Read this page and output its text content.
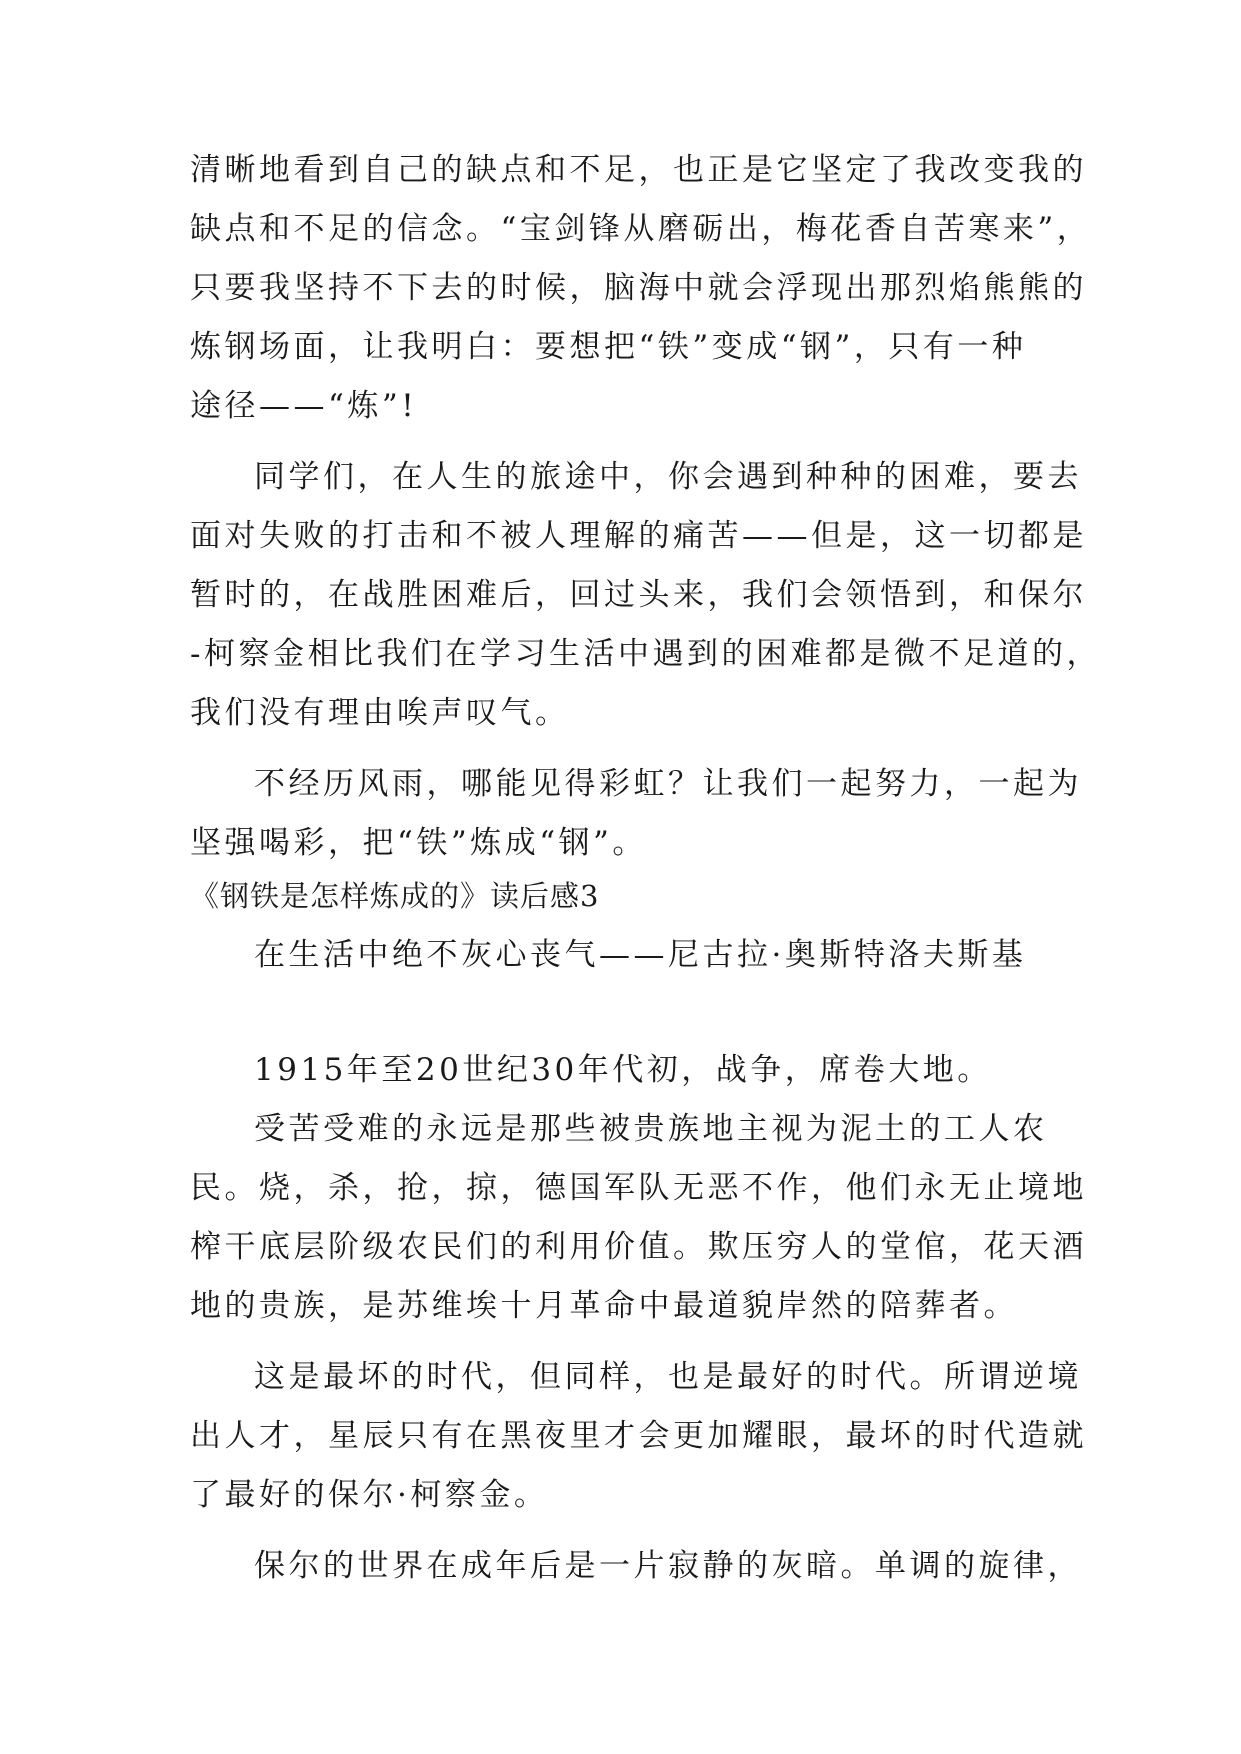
清晰地看到自己的缺点和不足，也正是它坚定了我改变我的
缺点和不足的信念。“宝剑锋从磨砺出，梅花香自苦寒来”，
只要我坚持不下去的时候，脑海中就会浮现出那烈焰熊熊的
炼钢场面，让我明白：要想把“铁”变成“钢”，只有一种
途径——“炼”!
同学们，在人生的旅途中，你会遇到种种的困难，要去
面对失败的打击和不被人理解的痛苦——但是，这一切都是
暂时的，在战胜困难后，回过头来，我们会领悟到，和保尔
-柯察金相比我们在学习生活中遇到的困难都是微不足道的，
我们没有理由唉声叹气。
不经历风雨，哪能见得彩虹？让我们一起努力，一起为
坚强喝彩，把“铁”炼成“钢”。
《钢铁是怎样炼成的》读后感3
在生活中绝不灰心丧气——尼古拉·奥斯特洛夫斯基
1915年至20世纪30年代初，战争，席卷大地。
受苦受难的永远是那些被贵族地主视为泥土的工人农
民。烧，杀，抢，掠，德国军队无恶不作，他们永无止境地
榨干底层阶级农民们的利用价值。欺压穷人的堂倌，花天酒
地的贵族，是苏维埃十月革命中最道貌岸然的陪葬者。
这是最坏的时代，但同样，也是最好的时代。所谓逆境
出人才，星辰只有在黑夜里才会更加耀眼，最坏的时代造就
了最好的保尔·柯察金。
保尔的世界在成年后是一片寂静的灰暗。单调的旋律，
